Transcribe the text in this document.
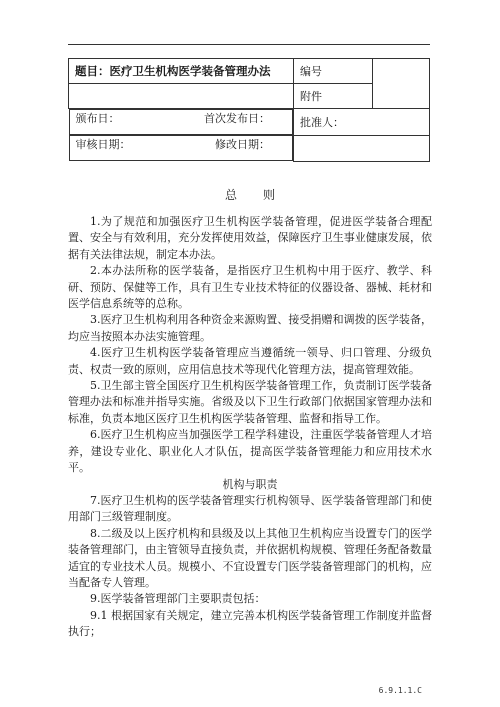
题目：医疗卫生机构医学装备管理办法	编号	
	附件	

颁布日：	首次发布日：	批准人：	

审核日期：	修改日期：
总 则

1.为了规范和加强医疗卫生机构医学装备管理，促进医学装备合理配置、安全与有效利用，充分发挥使用效益，保障医疗卫生事业健康发展，依据有关法律法规，制定本办法。

2.本办法所称的医学装备，是指医疗卫生机构中用于医疗、教学、科研、预防、保健等工作，具有卫生专业技术特征的仪器设备、器械、耗材和医学信息系统等的总称。

3.医疗卫生机构利用各种资金来源购置、接受捐赠和调拨的医学装备，均应当按照本办法实施管理。

4.医疗卫生机构医学装备管理应当遵循统一领导、归口管理、分级负责、权责一致的原则，应用信息技术等现代化管理方法，提高管理效能。

5.卫生部主管全国医疗卫生机构医学装备管理工作，负责制订医学装备管理办法和标准并指导实施。省级及以下卫生行政部门依据国家管理办法和标准，负责本地区医疗卫生机构医学装备管理、监督和指导工作。

6.医疗卫生机构应当加强医学工程学科建设，注重医学装备管理人才培养，建设专业化、职业化人才队伍，提高医学装备管理能力和应用技术水平。

机构与职责

7.医疗卫生机构的医学装备管理实行机构领导、医学装备管理部门和使用部门三级管理制度。

8.二级及以上医疗机构和县级及以上其他卫生机构应当设置专门的医学装备管理部门，由主管领导直接负责，并依据机构规模、管理任务配备数量适宜的专业技术人员。规模小、不宜设置专门医学装备管理部门的机构，应当配备专人管理。

9.医学装备管理部门主要职责包括：

9.1 根据国家有关规定，建立完善本机构医学装备管理工作制度并监督执行；

6.9.1.1.C
